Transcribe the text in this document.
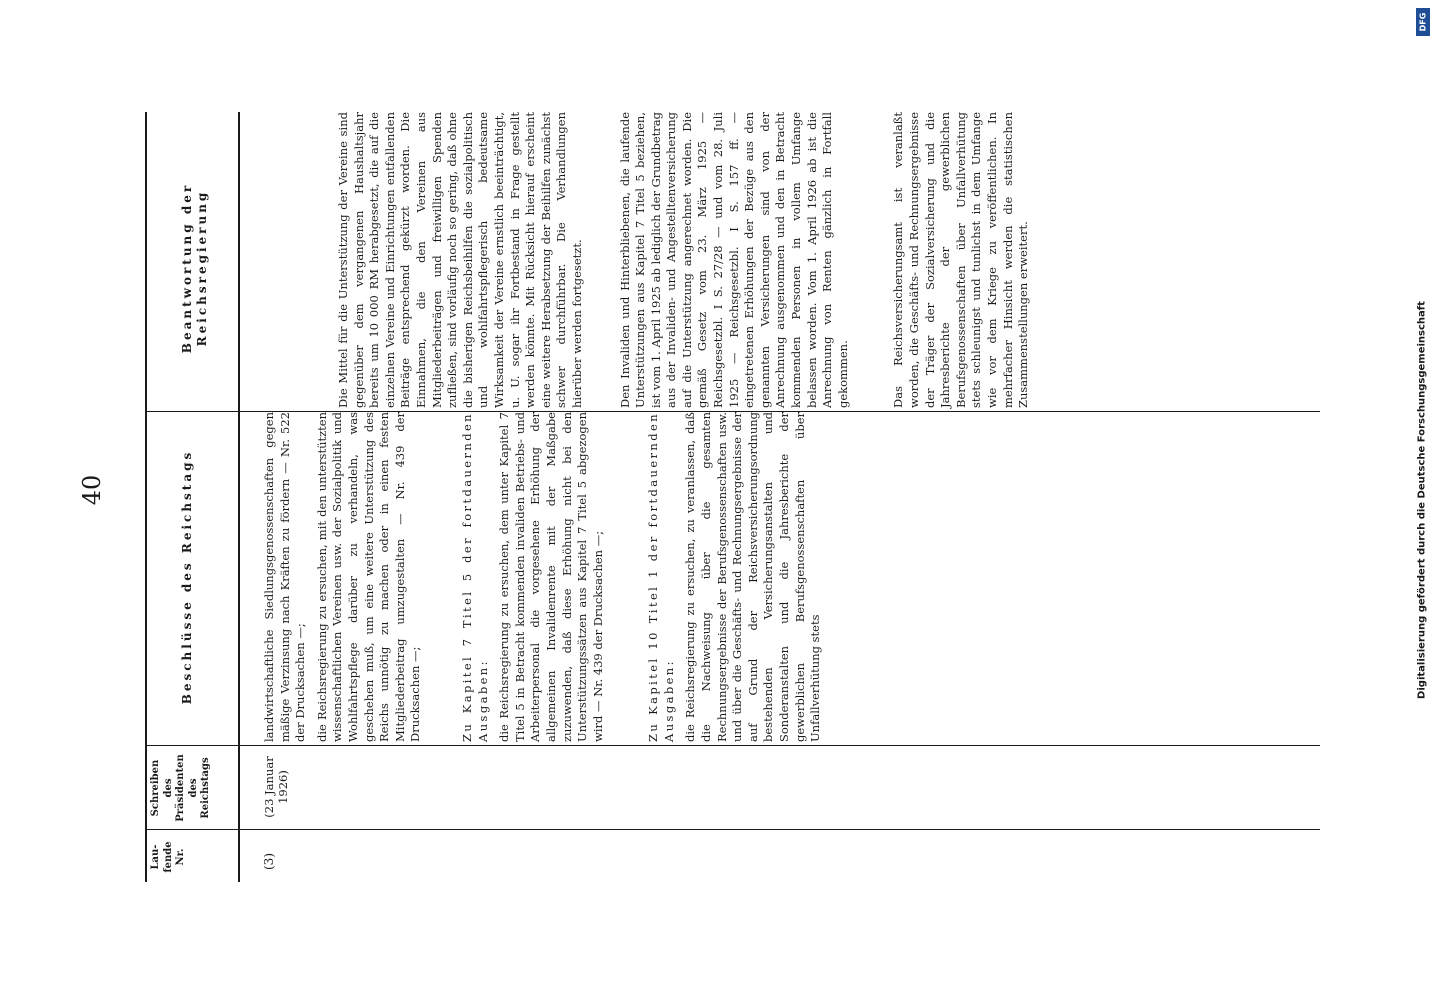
40
Lau-
fende
Nr.
Schreiben
des
Präsidenten
des
Reichstags
Beschlüsse des Reichstags
Beantwortung der Reichsregierung
(3)
(23 Januar
1926)

landwirtschaftliche Siedlungsgenossenschaften gegen mäßige Verzinsung nach Kräften zu fördern — Nr. 522 der Drucksachen —; die Reichsregierung zu ersuchen, mit den unterstützten wissenschaftlichen Vereinen usw. der Sozialpolitik und Wohlfahrtspflege darüber zu verhandeln, was geschehen muß, um eine weitere Unterstützung des Reichs unnötig zu machen oder in einen festen Mitgliederbeitrag umzugestalten — Nr. 439 der Drucksachen —;	Zu Kapitel 7 Titel 5 der fortdauernden Ausgaben: die Reichsregierung zu ersuchen, dem unter Kapitel 7 Titel 5 in Betracht kommenden invaliden Betriebs- und Arbeiterpersonal die vorgesehene Erhöhung der allgemeinen Invalidenrente mit der Maßgabe zuzuwenden, daß diese Erhöhung nicht bei den Unterstützungssätzen aus Kapitel 7 Titel 5 abgezogen wird — Nr. 439 der Drucksachen —;	Zu Kapitel 10 Titel 1 der fortdauernden Ausgaben: die Reichsregierung zu ersuchen, zu veranlassen, daß die Nachweisung über die gesamten Rechnungsergebnisse der Berufsgenossenschaften usw. und über die Geschäfts- und Rechnungsergebnisse der auf Grund der Reichsversicherungsordnung bestehenden Versicherungsanstalten und Sonderanstalten und die Jahresberichte der gewerblichen Berufsgenossenschaften über Unfallverhütung stets

Die Mittel für die Unterstützung der Vereine sind gegenüber dem vergangenen Haushaltsjahr bereits um 10 000 RM herabgesetzt, die auf die einzelnen Vereine und Einrichtungen entfallenden Beiträge entsprechend gekürzt worden. Die Einnahmen, die den Vereinen aus Mitgliederbeiträgen und freiwilligen Spenden zufließen, sind vorläufig noch so gering, daß ohne die bisherigen Reichsbeihilfen die sozialpolitisch und wohlfahrtspflegerisch bedeutsame Wirksamkeit der Vereine ernstlich beeinträchtigt, u. U. sogar ihr Fortbestand in Frage gestellt werden könnte. Mit Rücksicht hierauf erscheint eine weitere Herabsetzung der Beihilfen zunächst schwer durchführbar. Die Verhandlungen hierüber werden fortgesetzt.	Den Invaliden und Hinterbliebenen, die laufende Unterstützungen aus Kapitel 7 Titel 5 beziehen, ist vom 1. April 1925 ab lediglich der Grundbetrag aus der Invaliden- und Angestelltenversicherung auf die Unterstützung angerechnet worden. Die gemäß Gesetz vom 23. März 1925 — Reichsgesetzbl. I S. 27/28 — und vom 28. Juli 1925 — Reichsgesetzbl. I S. 157 ff. — eingetretenen Erhöhungen der Bezüge aus den genannten Versicherungen sind von der Anrechnung ausgenommen und den in Betracht kommenden Personen in vollem Umfange belassen worden. Vom 1. April 1926 ab ist die Anrechnung von Renten gänzlich in Fortfall gekommen.	Das Reichsversicherungsamt ist veranlaßt worden, die Geschäfts- und Rechnungsergebnisse der Träger der Sozialversicherung und die Jahresberichte der gewerblichen Berufsgenossenschaften über Unfallverhütung stets schleunigst und tunlichst in dem Umfange wie vor dem Kriege zu veröffentlichen. In mehrfacher Hinsicht werden die statistischen Zusammenstellungen erweitert.

DFG
Digitalisierung gefördert durch die Deutsche Forschungsgemeinschaft
